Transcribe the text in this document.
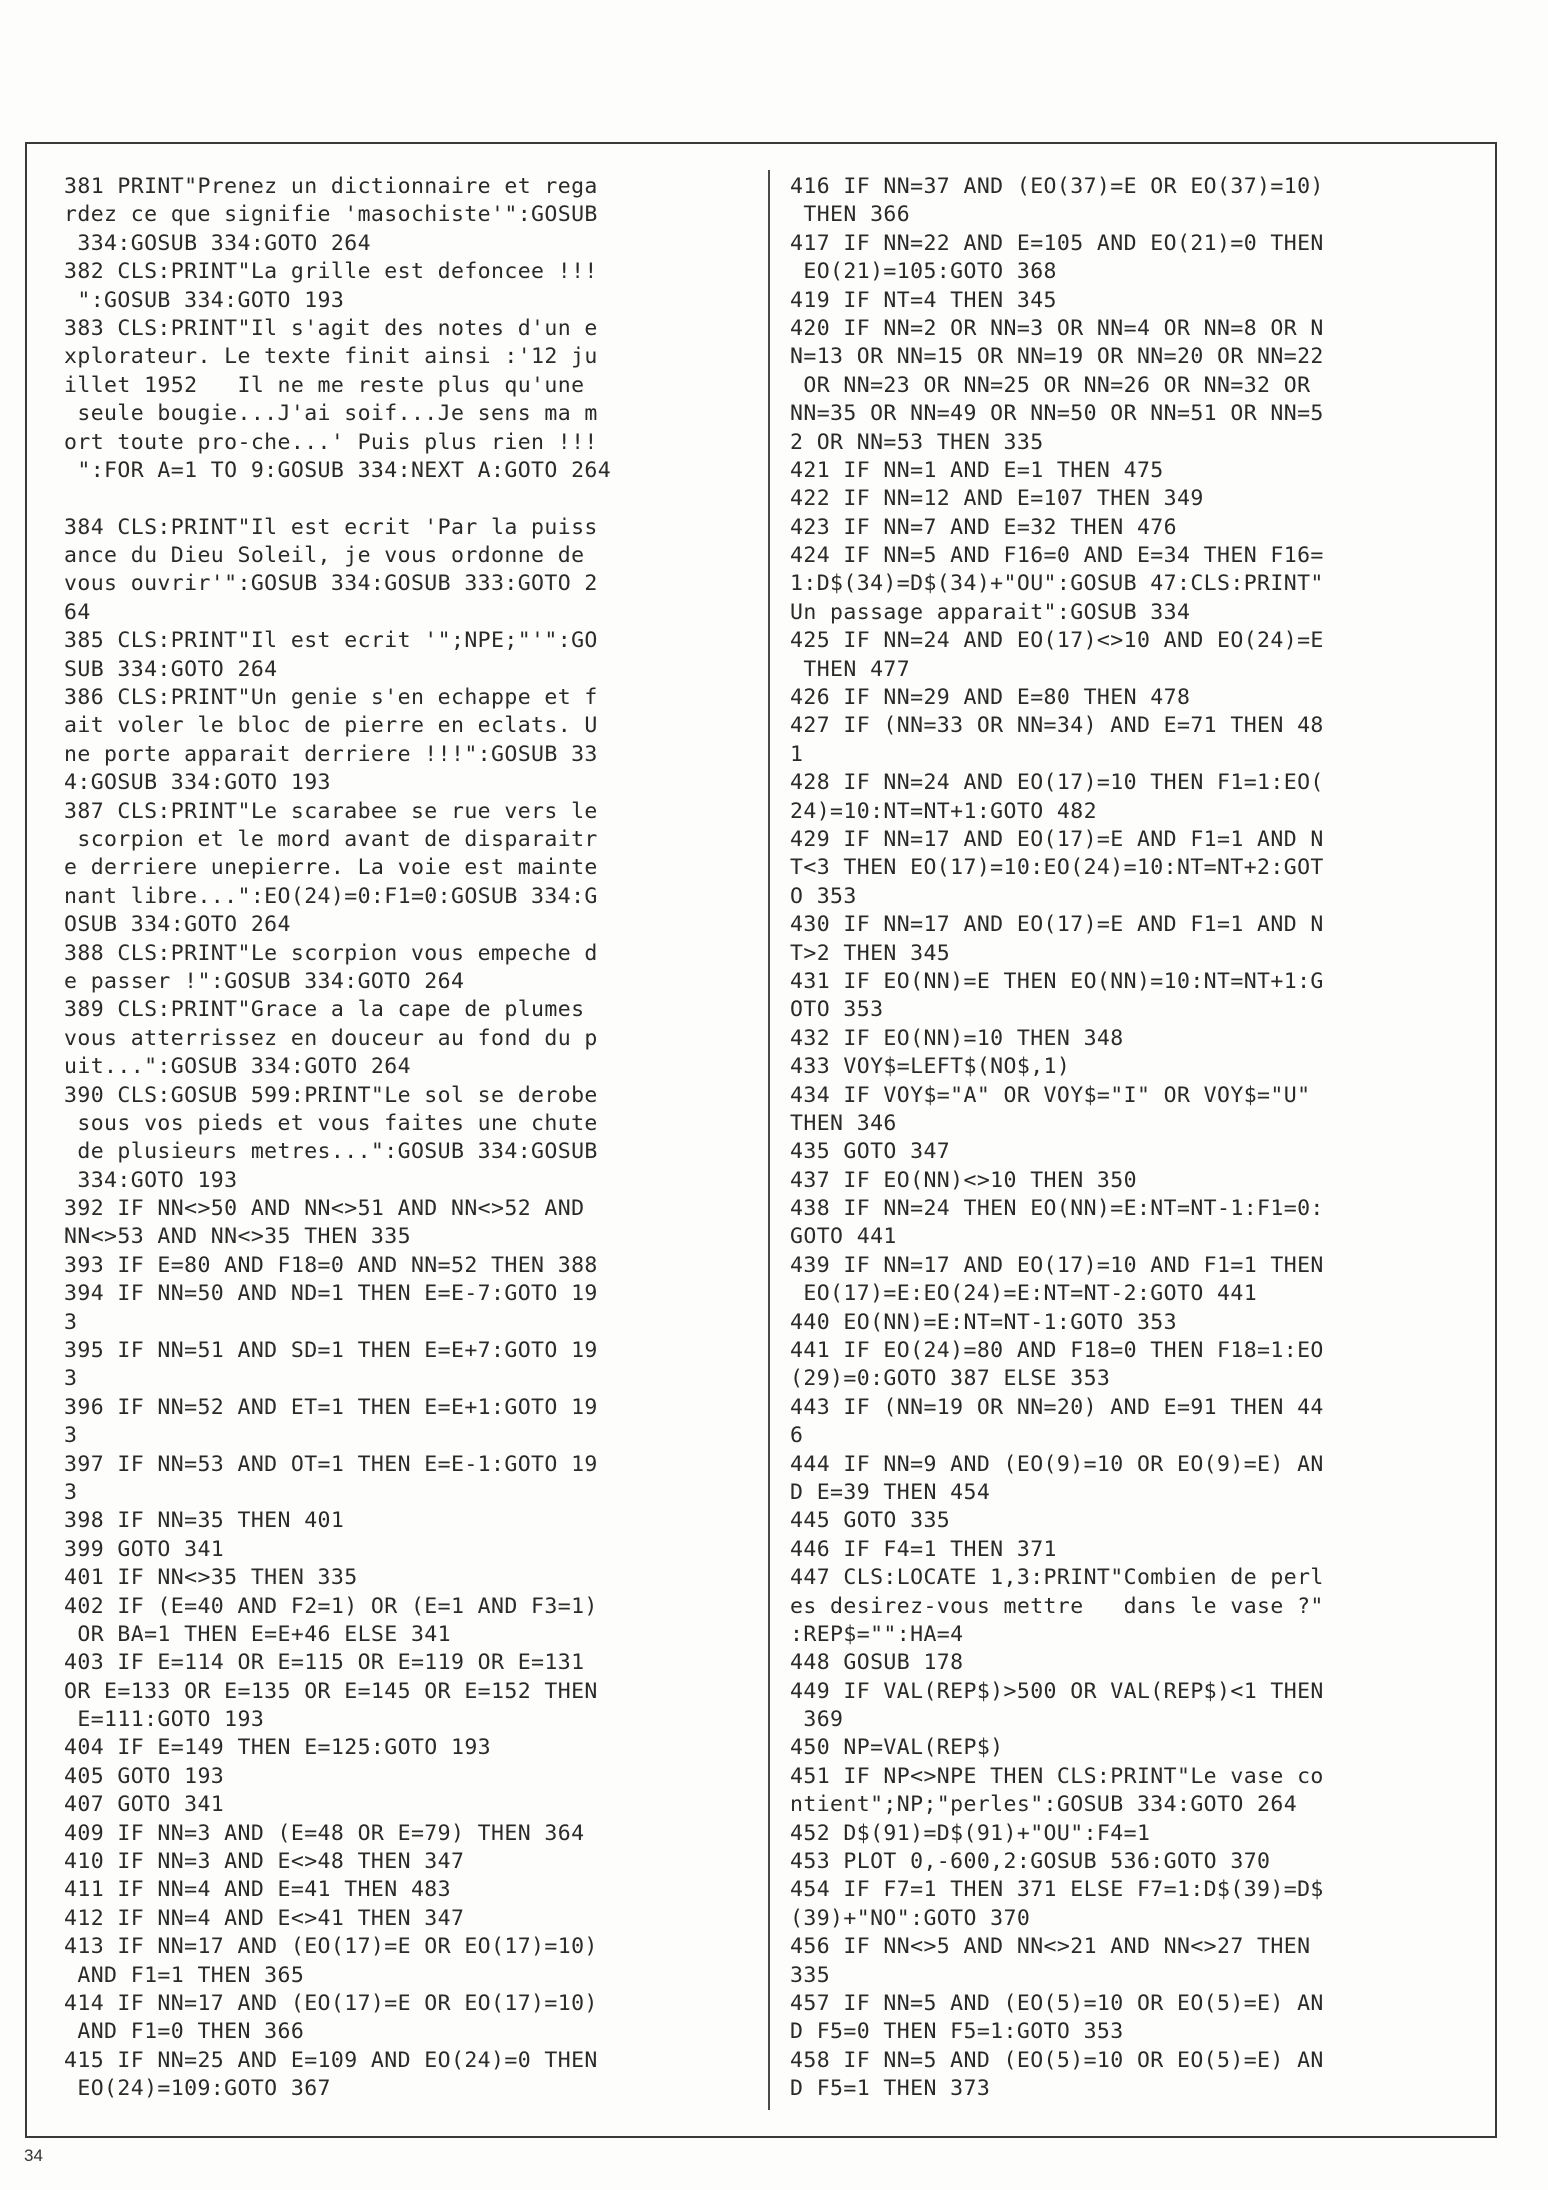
381 PRINT"Prenez un dictionnaire et rega
rdez ce que signifie 'masochiste'":GOSUB
334:GOSUB 334:GOTO 264
382 CLS:PRINT"La grille est defoncee !!!
":GOSUB 334:GOTO 193
383 CLS:PRINT"Il s'agit des notes d'un e
xplorateur. Le texte finit ainsi :'12 ju
illet 1952   Il ne me reste plus qu'une
seule bougie...J'ai soif...Je sens ma m
ort toute pro-che...' Puis plus rien !!!
":FOR A=1 TO 9:GOSUB 334:NEXT A:GOTO 264
384 CLS:PRINT"Il est ecrit 'Par la puiss
ance du Dieu Soleil, je vous ordonne de
vous ouvrir'":GOSUB 334:GOSUB 333:GOTO 2
64
385 CLS:PRINT"Il est ecrit '";NPE;"'":GO
SUB 334:GOTO 264
386 CLS:PRINT"Un genie s'en echappe et f
ait voler le bloc de pierre en eclats. U
ne porte apparait derriere !!!":GOSUB 33
4:GOSUB 334:GOTO 193
387 CLS:PRINT"Le scarabee se rue vers le
scorpion et le mord avant de disparaitr
e derriere unepierre. La voie est mainte
nant libre...":EO(24)=0:F1=0:GOSUB 334:G
OSUB 334:GOTO 264
388 CLS:PRINT"Le scorpion vous empeche d
e passer !":GOSUB 334:GOTO 264
389 CLS:PRINT"Grace a la cape de plumes
vous atterrissez en douceur au fond du p
uit...":GOSUB 334:GOTO 264
390 CLS:GOSUB 599:PRINT"Le sol se derobe
sous vos pieds et vous faites une chute
de plusieurs metres...":GOSUB 334:GOSUB
334:GOTO 193
392 IF NN<>50 AND NN<>51 AND NN<>52 AND
NN<>53 AND NN<>35 THEN 335
393 IF E=80 AND F18=0 AND NN=52 THEN 388
394 IF NN=50 AND ND=1 THEN E=E-7:GOTO 19
3
395 IF NN=51 AND SD=1 THEN E=E+7:GOTO 19
3
396 IF NN=52 AND ET=1 THEN E=E+1:GOTO 19
3
397 IF NN=53 AND OT=1 THEN E=E-1:GOTO 19
3
398 IF NN=35 THEN 401
399 GOTO 341
401 IF NN<>35 THEN 335
402 IF (E=40 AND F2=1) OR (E=1 AND F3=1)
OR BA=1 THEN E=E+46 ELSE 341
403 IF E=114 OR E=115 OR E=119 OR E=131
OR E=133 OR E=135 OR E=145 OR E=152 THEN
E=111:GOTO 193
404 IF E=149 THEN E=125:GOTO 193
405 GOTO 193
407 GOTO 341
409 IF NN=3 AND (E=48 OR E=79) THEN 364
410 IF NN=3 AND E<>48 THEN 347
411 IF NN=4 AND E=41 THEN 483
412 IF NN=4 AND E<>41 THEN 347
413 IF NN=17 AND (EO(17)=E OR EO(17)=10)
AND F1=1 THEN 365
414 IF NN=17 AND (EO(17)=E OR EO(17)=10)
AND F1=0 THEN 366
415 IF NN=25 AND E=109 AND EO(24)=0 THEN
EO(24)=109:GOTO 367
416 IF NN=37 AND (EO(37)=E OR EO(37)=10)
THEN 366
417 IF NN=22 AND E=105 AND EO(21)=0 THEN
EO(21)=105:GOTO 368
419 IF NT=4 THEN 345
420 IF NN=2 OR NN=3 OR NN=4 OR NN=8 OR N
N=13 OR NN=15 OR NN=19 OR NN=20 OR NN=22
OR NN=23 OR NN=25 OR NN=26 OR NN=32 OR
NN=35 OR NN=49 OR NN=50 OR NN=51 OR NN=5
2 OR NN=53 THEN 335
421 IF NN=1 AND E=1 THEN 475
422 IF NN=12 AND E=107 THEN 349
423 IF NN=7 AND E=32 THEN 476
424 IF NN=5 AND F16=0 AND E=34 THEN F16=
1:D$(34)=D$(34)+"OU":GOSUB 47:CLS:PRINT"
Un passage apparait":GOSUB 334
425 IF NN=24 AND EO(17)<>10 AND EO(24)=E
THEN 477
426 IF NN=29 AND E=80 THEN 478
427 IF (NN=33 OR NN=34) AND E=71 THEN 48
1
428 IF NN=24 AND EO(17)=10 THEN F1=1:EO(
24)=10:NT=NT+1:GOTO 482
429 IF NN=17 AND EO(17)=E AND F1=1 AND N
T<3 THEN EO(17)=10:EO(24)=10:NT=NT+2:GOT
O 353
430 IF NN=17 AND EO(17)=E AND F1=1 AND N
T>2 THEN 345
431 IF EO(NN)=E THEN EO(NN)=10:NT=NT+1:G
OTO 353
432 IF EO(NN)=10 THEN 348
433 VOY$=LEFT$(NO$,1)
434 IF VOY$="A" OR VOY$="I" OR VOY$="U"
THEN 346
435 GOTO 347
437 IF EO(NN)<>10 THEN 350
438 IF NN=24 THEN EO(NN)=E:NT=NT-1:F1=0:
GOTO 441
439 IF NN=17 AND EO(17)=10 AND F1=1 THEN
EO(17)=E:EO(24)=E:NT=NT-2:GOTO 441
440 EO(NN)=E:NT=NT-1:GOTO 353
441 IF EO(24)=80 AND F18=0 THEN F18=1:EO
(29)=0:GOTO 387 ELSE 353
443 IF (NN=19 OR NN=20) AND E=91 THEN 44
6
444 IF NN=9 AND (EO(9)=10 OR EO(9)=E) AN
D E=39 THEN 454
445 GOTO 335
446 IF F4=1 THEN 371
447 CLS:LOCATE 1,3:PRINT"Combien de perl
es desirez-vous mettre   dans le vase ?"
:REP$="":HA=4
448 GOSUB 178
449 IF VAL(REP$)>500 OR VAL(REP$)<1 THEN
369
450 NP=VAL(REP$)
451 IF NP<>NPE THEN CLS:PRINT"Le vase co
ntient";NP;"perles":GOSUB 334:GOTO 264
452 D$(91)=D$(91)+"OU":F4=1
453 PLOT 0,-600,2:GOSUB 536:GOTO 370
454 IF F7=1 THEN 371 ELSE F7=1:D$(39)=D$
(39)+"NO":GOTO 370
456 IF NN<>5 AND NN<>21 AND NN<>27 THEN
335
457 IF NN=5 AND (EO(5)=10 OR EO(5)=E) AN
D F5=0 THEN F5=1:GOTO 353
458 IF NN=5 AND (EO(5)=10 OR EO(5)=E) AN
D F5=1 THEN 373
34
